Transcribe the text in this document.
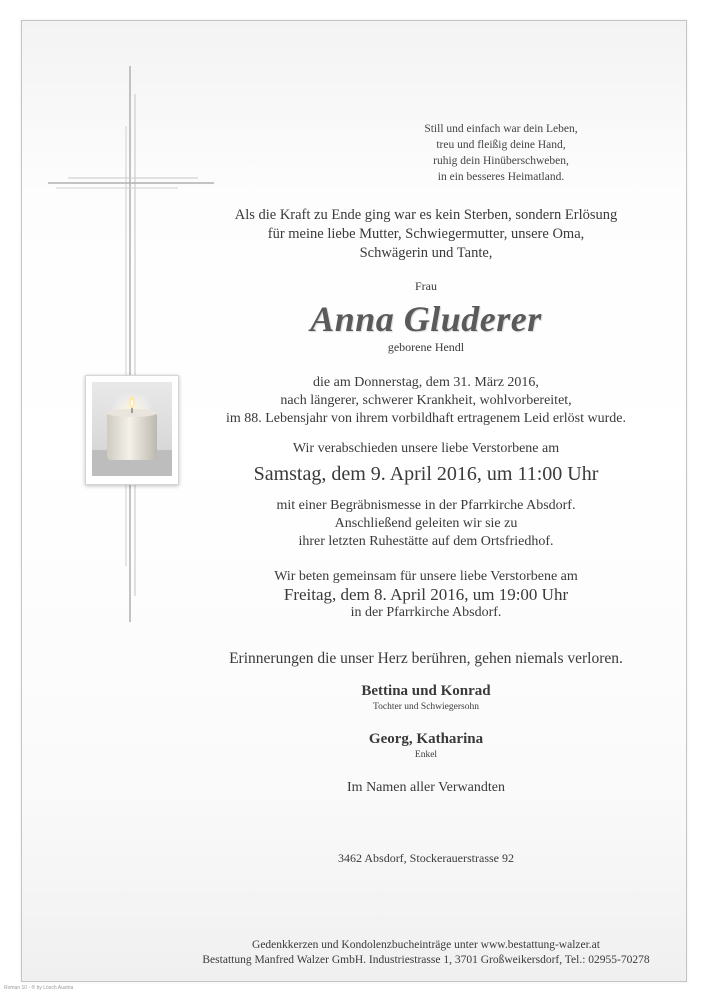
Still und einfach war dein Leben,
treu und fleißig deine Hand,
ruhig dein Hinüberschweben,
in ein besseres Heimatland.
Als die Kraft zu Ende ging war es kein Sterben, sondern Erlösung
für meine liebe Mutter, Schwiegermutter, unsere Oma,
Schwägerin und Tante,
Frau
Anna Gluderer
geborene Hendl
die am Donnerstag, dem 31. März 2016,
nach längerer, schwerer Krankheit, wohlvorbereitet,
im 88. Lebensjahr von ihrem vorbildhaft ertragenem Leid erlöst wurde.
Wir verabschieden unsere liebe Verstorbene am
Samstag, dem 9. April 2016, um 11:00 Uhr
mit einer Begräbnismesse in der Pfarrkirche Absdorf.
Anschließend geleiten wir sie zu
ihrer letzten Ruhestätte auf dem Ortsfriedhof.
Wir beten gemeinsam für unsere liebe Verstorbene am
Freitag, dem 8. April 2016, um 19:00 Uhr
in der Pfarrkirche Absdorf.
Erinnerungen die unser Herz berühren, gehen niemals verloren.
Bettina und Konrad
Tochter und Schwiegersohn
Georg, Katharina
Enkel
Im Namen aller Verwandten
3462 Absdorf, Stockerauerstrasse 92
Gedenkkerzen und Kondolenzbucheinträge unter www.bestattung-walzer.at
Bestattung Manfred Walzer GmbH. Industriestrasse 1, 3701 Großweikersdorf, Tel.: 02955-70278
Roman 10 - ® by Lösch Austria
